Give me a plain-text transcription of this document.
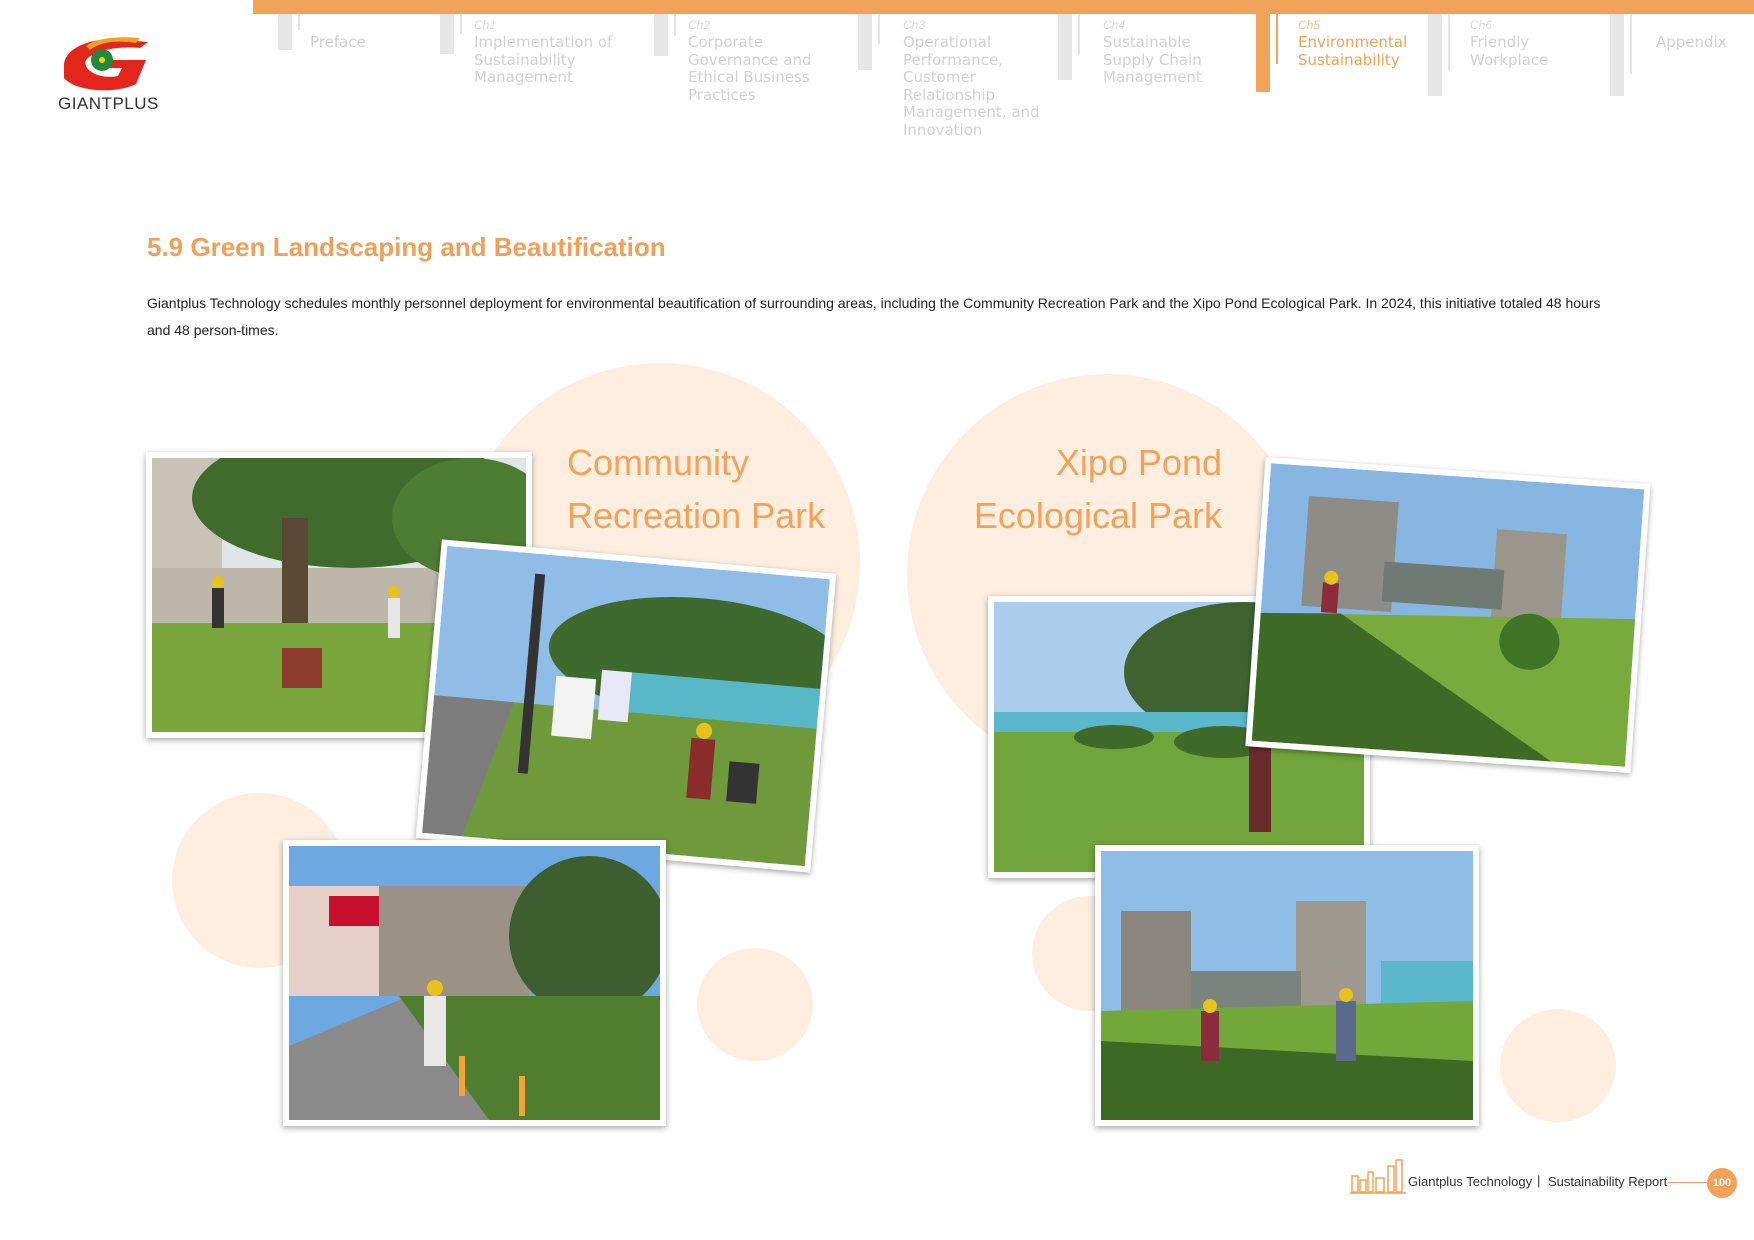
GIANTPLUS
Preface
Ch1
Implementation of Sustainability Management
Ch2
Corporate Governance and Ethical Business Practices
Ch3
Operational Performance, Customer Relationship Management, and Innovation
Ch4
Sustainable Supply Chain Management
Ch5
Environmental Sustainability
Ch6
Friendly Workplace
Appendix
5.9 Green Landscaping and Beautification
Giantplus Technology schedules monthly personnel deployment for environmental beautification of surrounding areas, including the Community Recreation Park and the Xipo Pond Ecological Park. In 2024, this initiative totaled 48 hours and 48 person-times.
Community
Recreation Park
Xipo Pond
Ecological Park
Giantplus Technology | Sustainability Report	100
